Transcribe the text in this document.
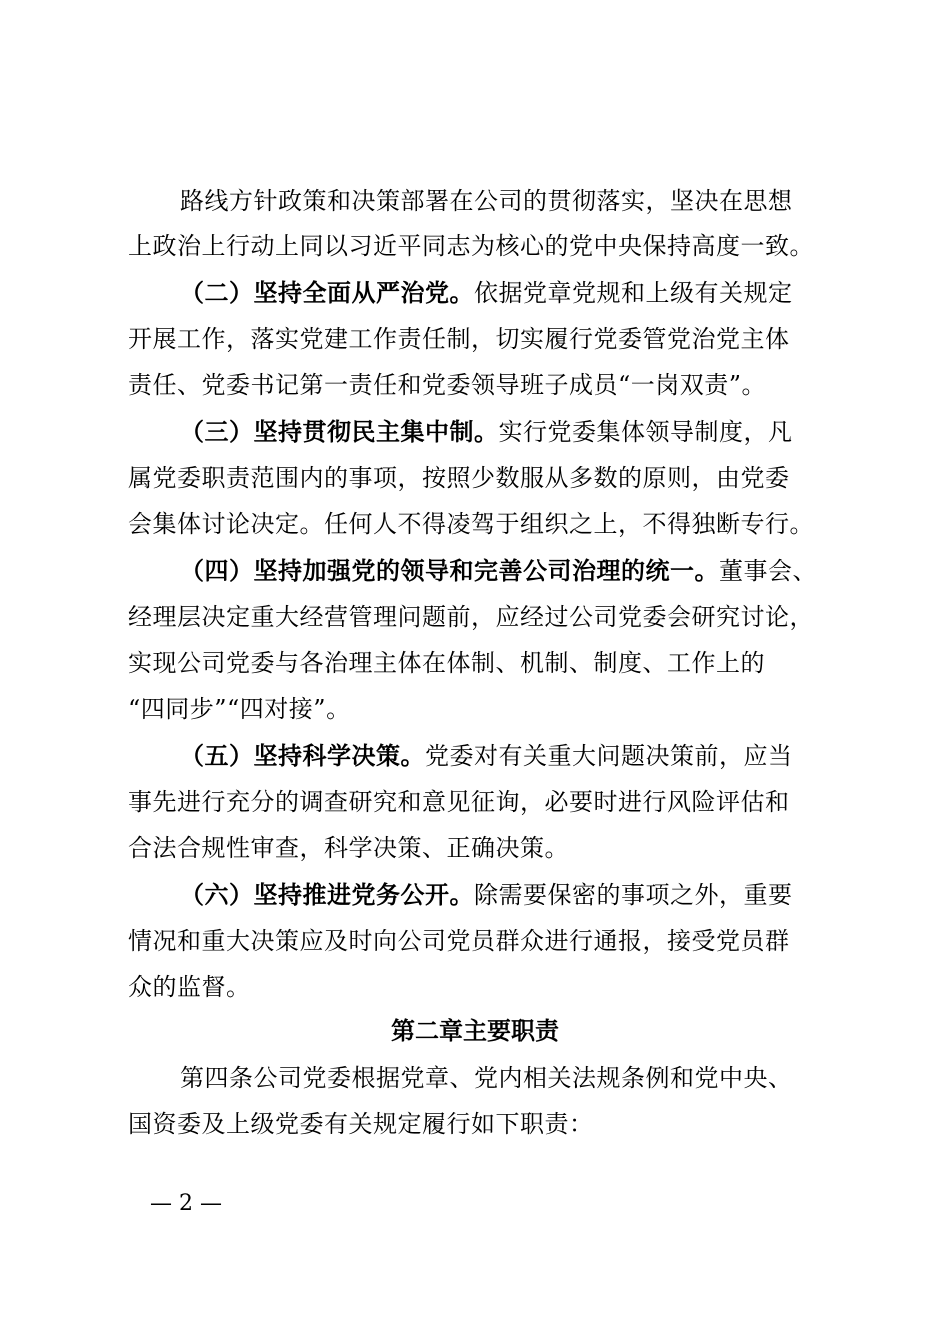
路线方针政策和决策部署在公司的贯彻落实，坚决在思想
上政治上行动上同以习近平同志为核心的党中央保持高度一致。
（二）坚持全面从严治党。依据党章党规和上级有关规定
开展工作，落实党建工作责任制，切实履行党委管党治党主体
责任、党委书记第一责任和党委领导班子成员“一岗双责”。
（三）坚持贯彻民主集中制。实行党委集体领导制度，凡
属党委职责范围内的事项，按照少数服从多数的原则，由党委
会集体讨论决定。任何人不得凌驾于组织之上，不得独断专行。
（四）坚持加强党的领导和完善公司治理的统一。董事会、
经理层决定重大经营管理问题前，应经过公司党委会研究讨论，
实现公司党委与各治理主体在体制、机制、制度、工作上的
“四同步”“四对接”。
（五）坚持科学决策。党委对有关重大问题决策前，应当
事先进行充分的调查研究和意见征询，必要时进行风险评估和
合法合规性审查，科学决策、正确决策。
（六）坚持推进党务公开。除需要保密的事项之外，重要
情况和重大决策应及时向公司党员群众进行通报，接受党员群
众的监督。
第二章主要职责
第四条公司党委根据党章、党内相关法规条例和党中央、
国资委及上级党委有关规定履行如下职责：
— 2 —
